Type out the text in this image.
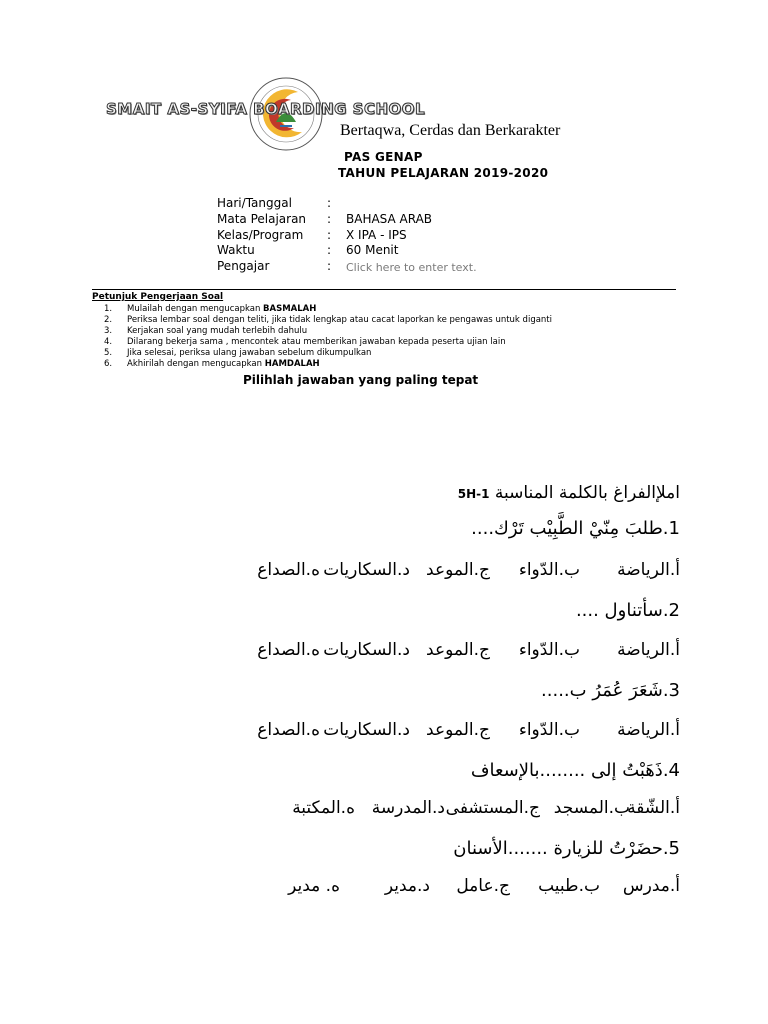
SMAIT AS-SYIFA BOARDING SCHOOL
Bertaqwa, Cerdas dan Berkarakter
PAS GENAP
TAHUN PELAJARAN 2019-2020
Hari/Tanggal	:
Mata Pelajaran	: BAHASA ARAB
Kelas/Program	: X IPA - IPS
Waktu	: 60 Menit
Pengajar	: Click here to enter text.
Petunjuk Pengerjaan Soal
1.	Mulailah dengan mengucapkan BASMALAH
2.	Periksa lembar soal dengan teliti, jika tidak lengkap atau cacat laporkan ke pengawas untuk diganti
3.	Kerjakan soal yang mudah terlebih dahulu
4.	Dilarang bekerja sama , mencontek atau memberikan jawaban kepada peserta ujian lain
5.	Jika selesai, periksa ulang jawaban sebelum dikumpulkan
6.	Akhirilah dengan mengucapkan HAMDALAH
Pilihlah jawaban yang paling tepat
املإالفراغ بالكلمة المناسبة 5H-1
1.طلبَ مِنّيْ الطَّبِيْب تَرْك....
أ.الرياضة
ب.الدّواء
ج.الموعد
د.السكاريات
ه.الصداع
2.سأتناول ....
أ.الرياضة
ب.الدّواء
ج.الموعد
د.السكاريات
ه.الصداع
3.شَعَرَ عُمَرُ ب.....
أ.الرياضة
ب.الدّواء
ج.الموعد
د.السكاريات
ه.الصداع
4.ذَهَبْتُ إلى ........بالإسعاف
أ.الشّقة
ب.المسجد
ج.المستشفى
د.المدرسة
ه.المكتبة
5.حضَرْتُ للزيارة .......الأسنان
أ.مدرس
ب.طبيب
ج.عامل
د.مدير
ه. مدير
